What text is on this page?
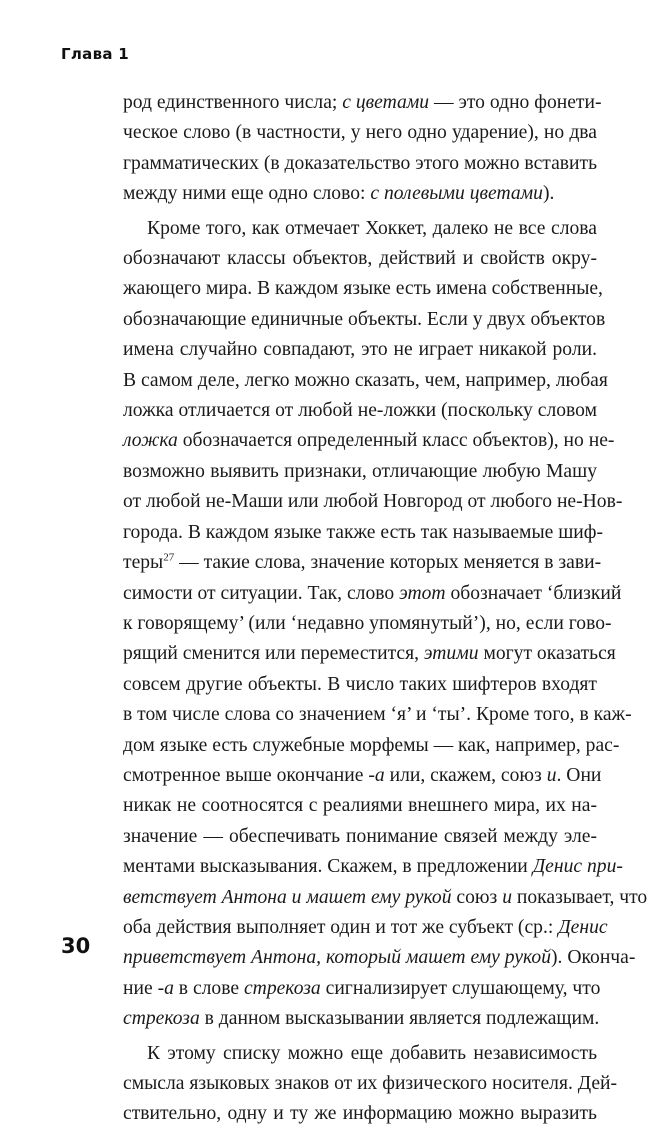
Глава 1
род единственного числа; с цветами — это одно фонети-
ческое слово (в частности, у него одно ударение), но два
грамматических (в доказательство этого можно вставить
между ними еще одно слово: с полевыми цветами).
Кроме того, как отмечает Хоккет, далеко не все слова
обозначают классы объектов, действий и свойств окру-
жающего мира. В каждом языке есть имена собственные,
обозначающие единичные объекты. Если у двух объектов
имена случайно совпадают, это не играет никакой роли.
В самом деле, легко можно сказать, чем, например, любая
ложка отличается от любой не-ложки (поскольку словом
ложка обозначается определенный класс объектов), но не-
возможно выявить признаки, отличающие любую Машу
от любой не-Маши или любой Новгород от любого не-Нов-
города. В каждом языке также есть так называемые шиф-
теры$^{27}$ — такие слова, значение которых меняется в зави-
симости от ситуации. Так, слово этот обозначает ‘близкий
к говорящему’ (или ‘недавно упомянутый’), но, если гово-
рящий сменится или переместится, этими могут оказаться
совсем другие объекты. В число таких шифтеров входят
в том числе слова со значением ‘я’ и ‘ты’. Кроме того, в каж-
дом языке есть служебные морфемы — как, например, рас-
смотренное выше окончание -а или, скажем, союз и. Они
никак не соотносятся с реалиями внешнего мира, их на-
значение — обеспечивать понимание связей между эле-
ментами высказывания. Скажем, в предложении Денис при-
ветствует Антона и машет ему рукой союз и показывает, что
оба действия выполняет один и тот же субъект (ср.: Денис
приветствует Антона, который машет ему рукой). Оконча-
ние -а в слове стрекоза сигнализирует слушающему, что
стрекоза в данном высказывании является подлежащим.
К этому списку можно еще добавить независимость
смысла языковых знаков от их физического носителя. Дей-
ствительно, одну и ту же информацию можно выразить
30
